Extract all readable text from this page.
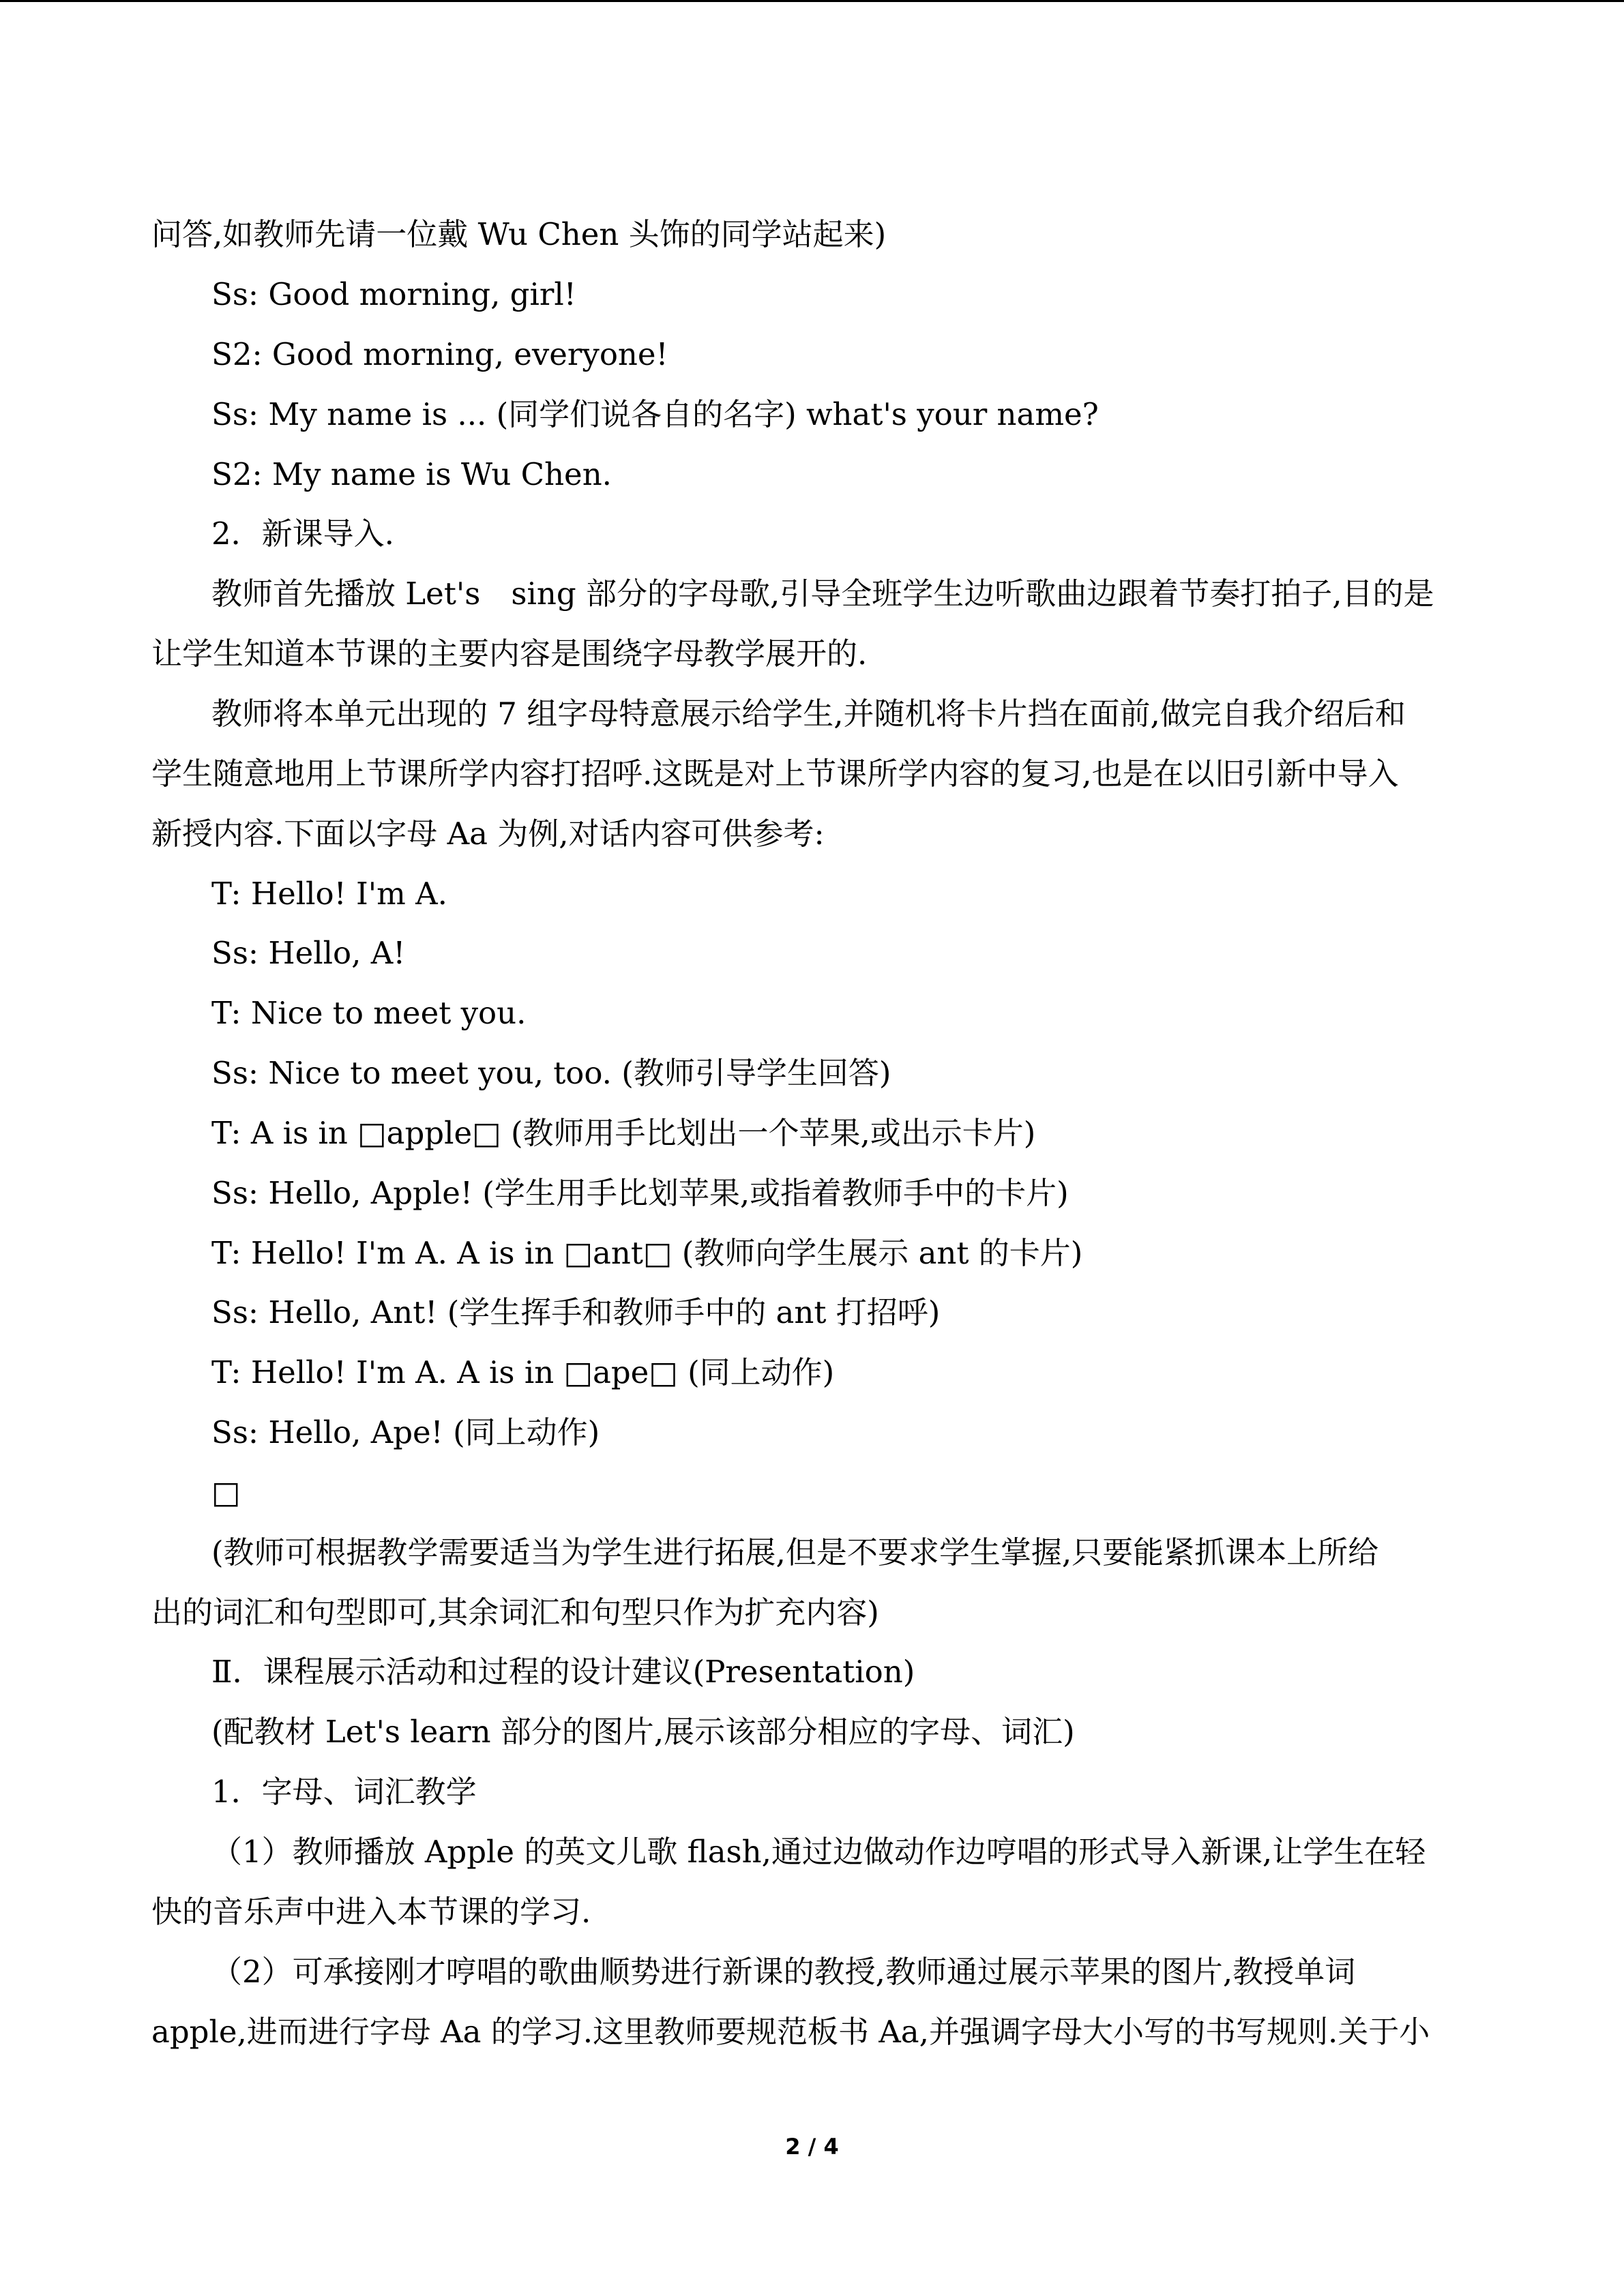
问答,如教师先请一位戴 Wu Chen 头饰的同学站起来)
Ss: Good morning, girl!
S2: Good morning, everyone!
Ss: My name is ... (同学们说各自的名字) what's your name?
S2: My name is Wu Chen.
2．新课导入.
教师首先播放 Let's　sing 部分的字母歌,引导全班学生边听歌曲边跟着节奏打拍子,目的是
让学生知道本节课的主要内容是围绕字母教学展开的.
教师将本单元出现的 7 组字母特意展示给学生,并随机将卡片挡在面前,做完自我介绍后和
学生随意地用上节课所学内容打招呼.这既是对上节课所学内容的复习,也是在以旧引新中导入
新授内容.下面以字母 Aa 为例,对话内容可供参考:
T: Hello! I'm A.
Ss: Hello, A!
T: Nice to meet you.
Ss: Nice to meet you, too. (教师引导学生回答)
T: A is in □apple□ (教师用手比划出一个苹果,或出示卡片)
Ss: Hello, Apple! (学生用手比划苹果,或指着教师手中的卡片)
T: Hello! I'm A. A is in □ant□ (教师向学生展示 ant 的卡片)
Ss: Hello, Ant! (学生挥手和教师手中的 ant 打招呼)
T: Hello! I'm A. A is in □ape□ (同上动作)
Ss: Hello, Ape! (同上动作)
□
(教师可根据教学需要适当为学生进行拓展,但是不要求学生掌握,只要能紧抓课本上所给
出的词汇和句型即可,其余词汇和句型只作为扩充内容)
Ⅱ．课程展示活动和过程的设计建议(Presentation)
(配教材 Let's learn 部分的图片,展示该部分相应的字母、词汇)
1．字母、词汇教学
（1）教师播放 Apple 的英文儿歌 flash,通过边做动作边哼唱的形式导入新课,让学生在轻
快的音乐声中进入本节课的学习.
（2）可承接刚才哼唱的歌曲顺势进行新课的教授,教师通过展示苹果的图片,教授单词
apple,进而进行字母 Aa 的学习.这里教师要规范板书 Aa,并强调字母大小写的书写规则.关于小
2 / 4
